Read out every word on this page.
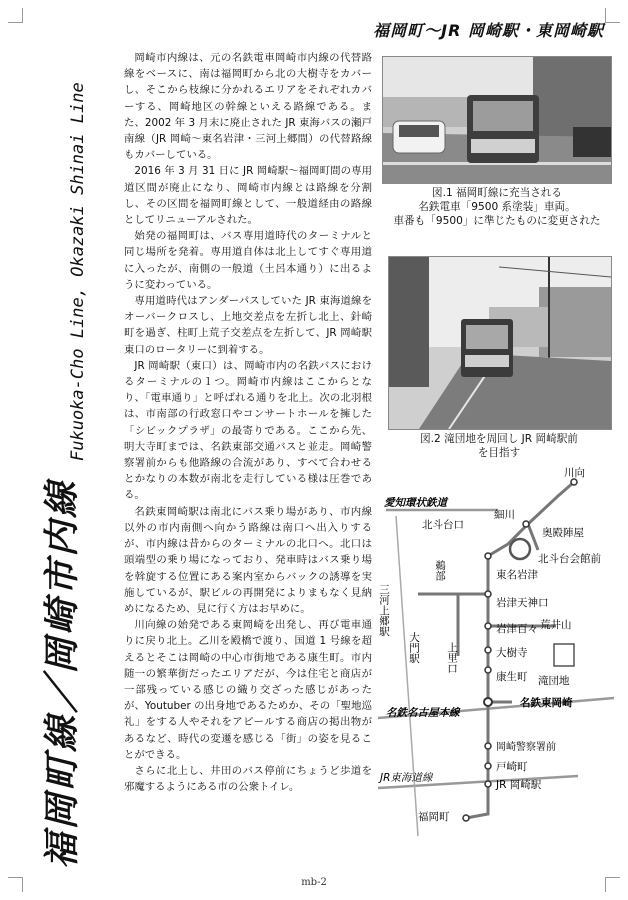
福岡町線／岡崎市内線
Fukuoka-Cho Line, Okazaki Shinai Line
福岡町～JR 岡崎駅・東岡崎駅

岡崎市内線は、元の名鉄電車岡崎市内線の代替路線をベースに、南は福岡町から北の大樹寺をカバーし、そこから枝線に分かれるエリアをそれぞれカバーする、岡崎地区の幹線といえる路線である。また、2002 年 3 月末に廃止された JR 東海バスの瀬戸南線（JR 岡崎～東名岩津・三河上郷間）の代替路線もカバーしている。

2016 年 3 月 31 日に JR 岡崎駅～福岡町間の専用道区間が廃止になり、岡崎市内線とは路線を分割し、その区間を福岡町線として、一般道経由の路線としてリニューアルされた。

始発の福岡町は、バス専用道時代のターミナルと同じ場所を発着。専用道自体は北上してすぐ専用道に入ったが、南側の一般道（土呂本通り）に出るように変わっている。

専用道時代はアンダーパスしていた JR 東海道線をオーバークロスし、上地交差点を左折し北上、針崎町を過ぎ、柱町上荒子交差点を左折して、JR 岡崎駅東口のロータリーに到着する。

JR 岡崎駅（東口）は、岡崎市内の名鉄バスにおけるターミナルの１つ。岡崎市内線はここからとなり、「電車通り」と呼ばれる通りを北上。次の北羽根は、市南部の行政窓口やコンサートホールを擁した「シビックプラザ」の最寄りである。ここから先、明大寺町までは、名鉄東部交通バスと並走。岡崎警察署前からも他路線の合流があり、すべて合わせるとかなりの本数が南北を走行している様は圧巻である。

名鉄東岡崎駅は南北にバス乗り場があり、市内線以外の市内南側へ向かう路線は南口へ出入りするが、市内線は昔からのターミナルの北口へ。北口は頭端型の乗り場になっており、発車時はバス乗り場を斡旋する位置にある案内室からバックの誘導を実施しているが、駅ビルの再開発によりまもなく見納めになるため、見に行く方はお早めに。

川向線の始発である東岡崎を出発し、再び電車通りに戻り北上。乙川を殿橋で渡り、国道 1 号線を超えるとそこは岡崎の中心市街地である康生町。市内随一の繁華街だったエリアだが、今は住宅と商店が一部残っている感じの織り交ざった感じがあったが、Youtuber の出身地であるためか、その「聖地巡礼」をする人やそれをアピールする商店の掲出物があるなど、時代の変遷を感じる「街」の姿を見ることができる。

さらに北上し、井田のバス停前にちょうど歩道を邪魔するようにある市の公衆トイレ。

図.1 福岡町線に充当される
名鉄電車「9500 系塗装」車両。
車番も「9500」に準じたものに変更された
図.2 滝団地を周回し JR 岡崎駅前
を目指す
愛知環状鉄道
名鉄名古屋本線
JR東海道線
川向
細川
北斗台口
奥殿陣屋
北斗台会館前
東名岩津
岩津天神口
岩津百々 荒井山
大樹寺
康生町 滝団地
名鉄東岡崎
岡崎警察署前
戸崎町
JR 岡崎駅
福岡町
三河上郷駅
鵜部
上里口
大門駅
mb-2
